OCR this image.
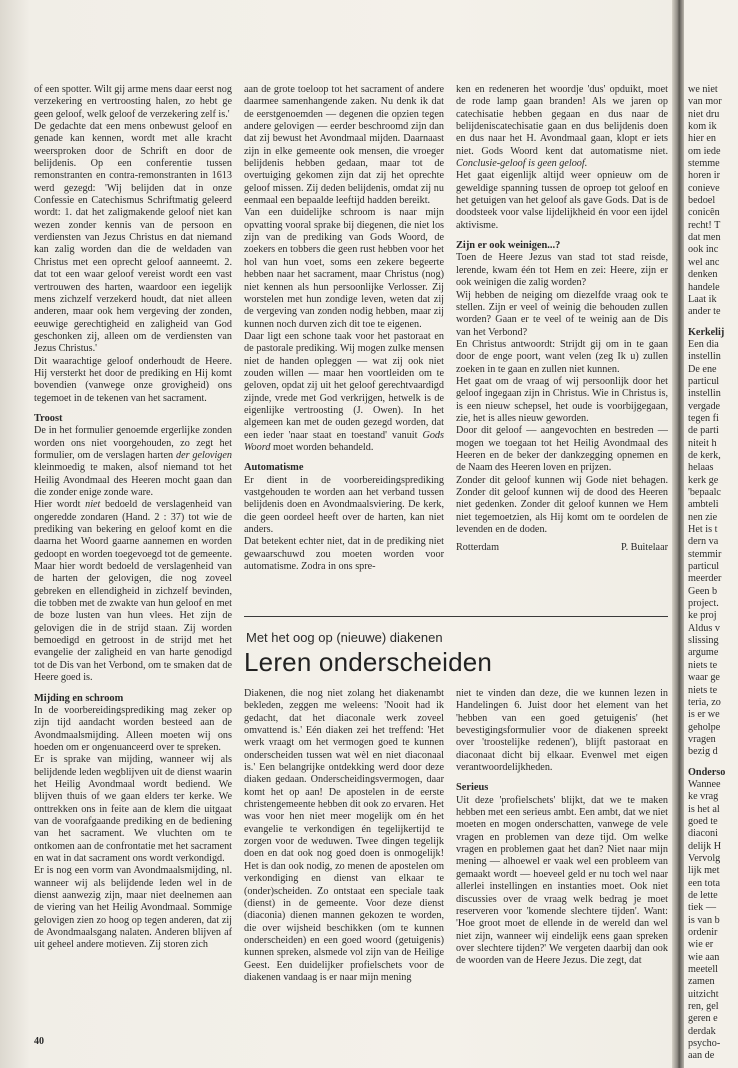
of een spotter. Wilt gij arme mens daar eerst nog verzekering en vertroosting halen, zo hebt ge geen geloof, welk geloof de verzekering zelf is.'

De gedachte dat een mens onbewust geloof en genade kan kennen, wordt met alle kracht weersproken door de Schrift en door de belijdenis. Op een conferentie tussen remonstranten en contra-remonstranten in 1613 werd gezegd: 'Wij belijden dat in onze Confessie en Catechismus Schriftmatig geleerd wordt: 1. dat het zaligmakende geloof niet kan wezen zonder kennis van de persoon en verdiensten van Jezus Christus en dat niemand kan zalig worden dan die de weldaden van Christus met een oprecht geloof aanneemt. 2. dat tot een waar geloof vereist wordt een vast vertrouwen des harten, waardoor een iegelijk mens zichzelf verzekerd houdt, dat niet alleen anderen, maar ook hem vergeving der zonden, eeuwige gerechtigheid en zaligheid van God geschonken zij, alleen om de verdiensten van Jezus Christus.'

Dit waarachtige geloof onderhoudt de Heere. Hij versterkt het door de prediking en Hij komt bovendien (vanwege onze grovigheid) ons tegemoet in de tekenen van het sacrament.

Troost

De in het formulier genoemde ergerlijke zonden worden ons niet voorgehouden, zo zegt het formulier, om de verslagen harten der gelovigen kleinmoedig te maken, alsof niemand tot het Heilig Avondmaal des Heeren mocht gaan dan die zonder enige zonde ware.

Hier wordt niet bedoeld de verslagenheid van ongeredde zondaren (Hand. 2 : 37) tot wie de prediking van bekering en geloof komt en die daarna het Woord gaarne aannemen en worden gedoopt en worden toegevoegd tot de gemeente. Maar hier wordt bedoeld de verslagenheid van de harten der gelovigen, die nog zoveel gebreken en ellendigheid in zichzelf bevinden, die tobben met de zwakte van hun geloof en met de boze lusten van hun vlees. Het zijn de gelovigen die in de strijd staan. Zij worden bemoedigd en getroost in de strijd met het evangelie der zaligheid en van harte genodigd tot de Dis van het Verbond, om te smaken dat de Heere goed is.

Mijding en schroom

In de voorbereidingsprediking mag zeker op zijn tijd aandacht worden besteed aan de Avondmaalsmijding. Alleen moeten wij ons hoeden om er ongenuanceerd over te spreken.

Er is sprake van mijding, wanneer wij als belijdende leden wegblijven uit de dienst waarin het Heilig Avondmaal wordt bediend. We blijven thuis of we gaan elders ter kerke. We onttrekken ons in feite aan de klem die uitgaat van de voorafgaande prediking en de bediening van het sacrament. We vluchten om te ontkomen aan de confrontatie met het sacrament en wat in dat sacrament ons wordt verkondigd.

Er is nog een vorm van Avondmaalsmijding, nl. wanneer wij als belijdende leden wel in de dienst aanwezig zijn, maar niet deelnemen aan de viering van het Heilig Avondmaal. Sommige gelovigen zien zo hoog op tegen anderen, dat zij de Avondmaalsgang nalaten. Anderen blijven af uit geheel andere motieven. Zij storen zich

aan de grote toeloop tot het sacrament of andere daarmee samenhangende zaken. Nu denk ik dat de eerstgenoemden — degenen die opzien tegen andere gelovigen — eerder beschroomd zijn dan dat zij bewust het Avondmaal mijden. Daarnaast zijn in elke gemeente ook mensen, die vroeger belijdenis hebben gedaan, maar tot de overtuiging gekomen zijn dat zij het oprechte geloof missen. Zij deden belijdenis, omdat zij nu eenmaal een bepaalde leeftijd hadden bereikt.

Van een duidelijke schroom is naar mijn opvatting vooral sprake bij diegenen, die niet los zijn van de prediking van Gods Woord, de zoekers en tobbers die geen rust hebben voor het hol van hun voet, soms een zekere begeerte hebben naar het sacrament, maar Christus (nog) niet kennen als hun persoonlijke Verlosser. Zij worstelen met hun zondige leven, weten dat zij de vergeving van zonden nodig hebben, maar zij kunnen noch durven zich dit toe te eigenen.

Daar ligt een schone taak voor het pastoraat en de pastorale prediking. Wij mogen zulke mensen niet de handen opleggen — wat zij ook niet zouden willen — maar hen voortleiden om te geloven, opdat zij uit het geloof gerechtvaardigd zijnde, vrede met God verkrijgen, hetwelk is de eigenlijke vertroosting (J. Owen). In het algemeen kan met de ouden gezegd worden, dat een ieder 'naar staat en toestand' vanuit Gods Woord moet worden behandeld.

Automatisme

Er dient in de voorbereidingsprediking vastgehouden te worden aan het verband tussen belijdenis doen en Avondmaalsviering. De kerk, die geen oordeel heeft over de harten, kan niet anders.

Dat betekent echter niet, dat in de prediking niet gewaarschuwd zou moeten worden voor automatisme. Zodra in ons spre-

ken en redeneren het woordje 'dus' opduikt, moet de rode lamp gaan branden! Als we jaren op catechisatie hebben gegaan en dus naar de belijdeniscatechisatie gaan en dus belijdenis doen en dus naar het H. Avondmaal gaan, klopt er iets niet. Gods Woord kent dat automatisme niet. Conclusie-geloof is geen geloof.

Het gaat eigenlijk altijd weer opnieuw om de geweldige spanning tussen de oproep tot geloof en het getuigen van het geloof als gave Gods. Dat is de doodsteek voor valse lijdelijkheid én voor een ijdel aktivisme.

Zijn er ook weinigen...?

Toen de Heere Jezus van stad tot stad reisde, lerende, kwam één tot Hem en zei: Heere, zijn er ook weinigen die zalig worden?

Wij hebben de neiging om diezelfde vraag ook te stellen. Zijn er veel of weinig die behouden zullen worden? Gaan er te veel of te weinig aan de Dis van het Verbond?

En Christus antwoordt: Strijdt gij om in te gaan door de enge poort, want velen (zeg Ik u) zullen zoeken in te gaan en zullen niet kunnen.

Het gaat om de vraag of wij persoonlijk door het geloof ingegaan zijn in Christus. Wie in Christus is, is een nieuw schepsel, het oude is voorbijgegaan, zie, het is alles nieuw geworden.

Door dit geloof — aangevochten en bestreden — mogen we toegaan tot het Heilig Avondmaal des Heeren en de beker der dankzegging opnemen en de Naam des Heeren loven en prijzen.

Zonder dit geloof kunnen wij Gode niet behagen. Zonder dit geloof kunnen wij de dood des Heeren niet gedenken. Zonder dit geloof kunnen we Hem niet tegemoetzien, als Hij komt om te oordelen de levenden en de doden.

Rotterdam	P. Buitelaar
Met het oog op (nieuwe) diakenen
Leren onderscheiden

Diakenen, die nog niet zolang het diakenambt bekleden, zeggen me weleens: 'Nooit had ik gedacht, dat het diaconale werk zoveel omvattend is.' Eén diaken zei het treffend: 'Het werk vraagt om het vermogen goed te kunnen onderscheiden tussen wat wèl en niet diaconaal is.' Een belangrijke ontdekking werd door deze diaken gedaan. Onderscheidingsvermogen, daar komt het op aan! De apostelen in de eerste christengemeente hebben dit ook zo ervaren. Het was voor hen niet meer mogelijk om én het evangelie te verkondigen én tegelijkertijd te zorgen voor de weduwen. Twee dingen tegelijk doen en dat ook nog goed doen is onmogelijk! Het is dan ook nodig, zo menen de apostelen om verkondiging en dienst van elkaar te (onder)scheiden. Zo ontstaat een speciale taak (dienst) in de gemeente. Voor deze dienst (diaconia) dienen mannen gekozen te worden, die over wijsheid beschikken (om te kunnen onderscheiden) en een goed woord (getuigenis) kunnen spreken, alsmede vol zijn van de Heilige Geest. Een duidelijker profielschets voor de diakenen vandaag is er naar mijn mening

niet te vinden dan deze, die we kunnen lezen in Handelingen 6. Juist door het element van het 'hebben van een goed getuigenis' (het bevestigingsformulier voor de diakenen spreekt over 'troostelijke redenen'), blijft pastoraat en diaconaat dicht bij elkaar. Evenwel met eigen verantwoordelijkheden.

Serieus

Uit deze 'profielschets' blijkt, dat we te maken hebben met een serieus ambt. Een ambt, dat we niet moeten en mogen onderschatten, vanwege de vele vragen en problemen van deze tijd. Om welke vragen en problemen gaat het dan? Niet naar mijn mening — alhoewel er vaak wel een probleem van gemaakt wordt — hoeveel geld er nu toch wel naar allerlei instellingen en instanties moet. Ook niet discussies over de vraag welk bedrag je moet reserveren voor 'komende slechtere tijden'. Want: 'Hoe groot moet de ellende in de wereld dan wel niet zijn, wanneer wij eindelijk eens gaan spreken over slechtere tijden?' We vergeten daarbij dan ook de woorden van de Heere Jezus. Die zegt, dat

40
we niet
van mor
niet dru
kom ik
hier en
om iede
stemme
horen ir
conieve
bedoel
conicên
recht! T
dat men
ook inc
wel anc
denken
handele
Laat ik
ander te
Kerkelij
Een dia
instellin
De ene
particul
instellin
vergade
tegen fi
de parti
niteit h
de kerk,
helaas
kerk ge
'bepaalc
ambteli
nen zie
Het is t
dern va
stemmir
particul
meerder
Geen b
project.
ke proj
Aldus v
slissing
argume
niets te
waar ge
niets te
teria, zo
is er we
geholpe
vragen
bezig d
Onderso
Wannee
ke vrag
is het al
goed te
diaconi
delijk H
Vervolg
lijk met
een tota
de lette
tiek —
is van b
ordenir
wie er
wie aan
meetell
zamen
uitzicht
ren, gel
geren e
derdak
psycho-
aan de
